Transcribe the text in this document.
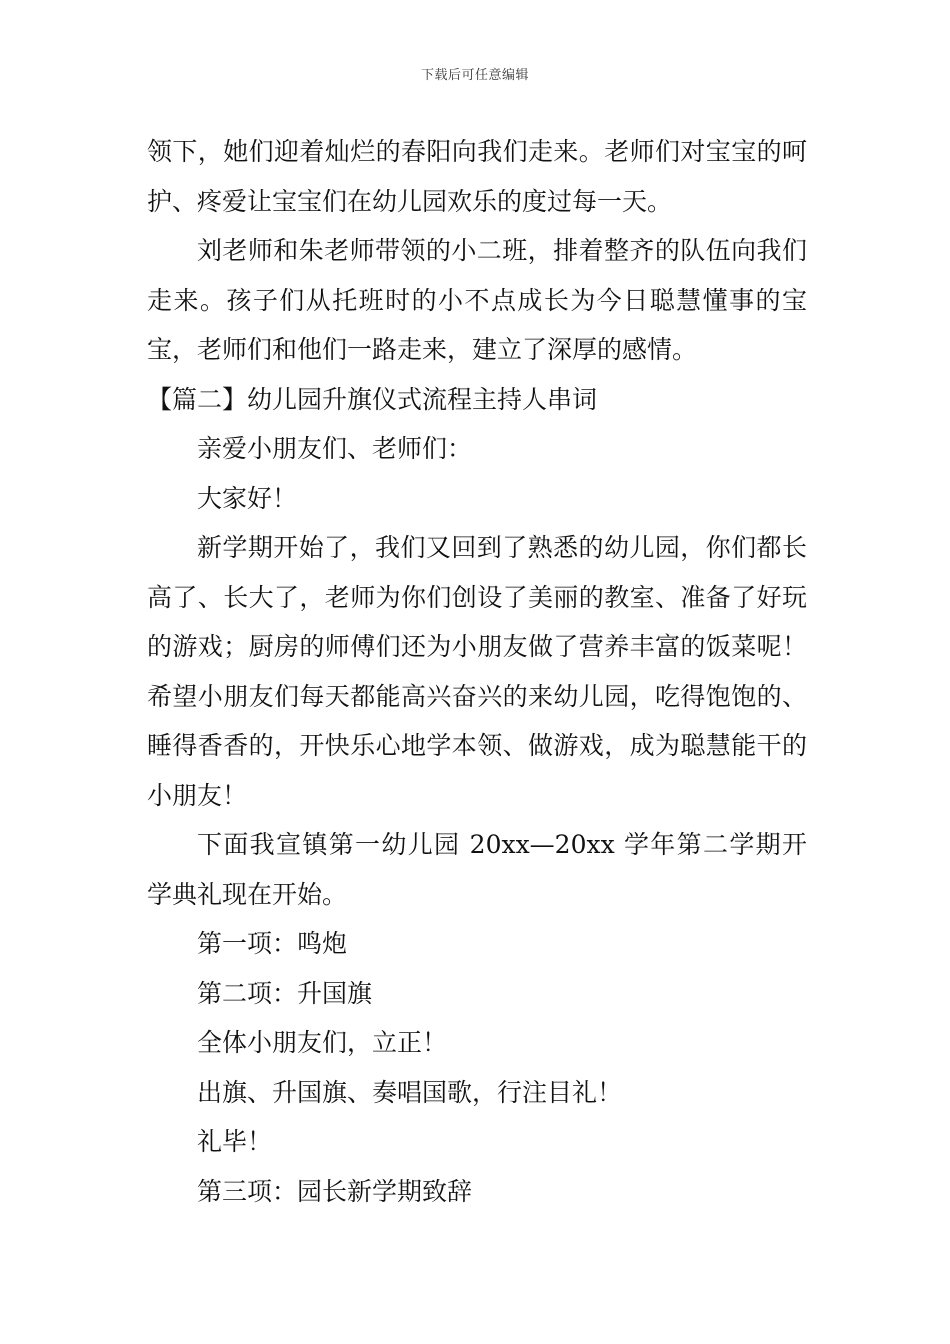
下载后可任意编辑

领下，她们迎着灿烂的春阳向我们走来。老师们对宝宝的呵护、疼爱让宝宝们在幼儿园欢乐的度过每一天。

刘老师和朱老师带领的小二班，排着整齐的队伍向我们走来。孩子们从托班时的小不点成长为今日聪慧懂事的宝宝，老师们和他们一路走来，建立了深厚的感情。

【篇二】幼儿园升旗仪式流程主持人串词

亲爱小朋友们、老师们：

大家好！

新学期开始了，我们又回到了熟悉的幼儿园，你们都长高了、长大了，老师为你们创设了美丽的教室、准备了好玩的游戏；厨房的师傅们还为小朋友做了营养丰富的饭菜呢！希望小朋友们每天都能高兴奋兴的来幼儿园，吃得饱饱的、睡得香香的，开快乐心地学本领、做游戏，成为聪慧能干的小朋友！

下面我宣镇第一幼儿园 20xx—20xx 学年第二学期开学典礼现在开始。

第一项：鸣炮

第二项：升国旗

全体小朋友们，立正！

出旗、升国旗、奏唱国歌，行注目礼！

礼毕！

第三项：园长新学期致辞
